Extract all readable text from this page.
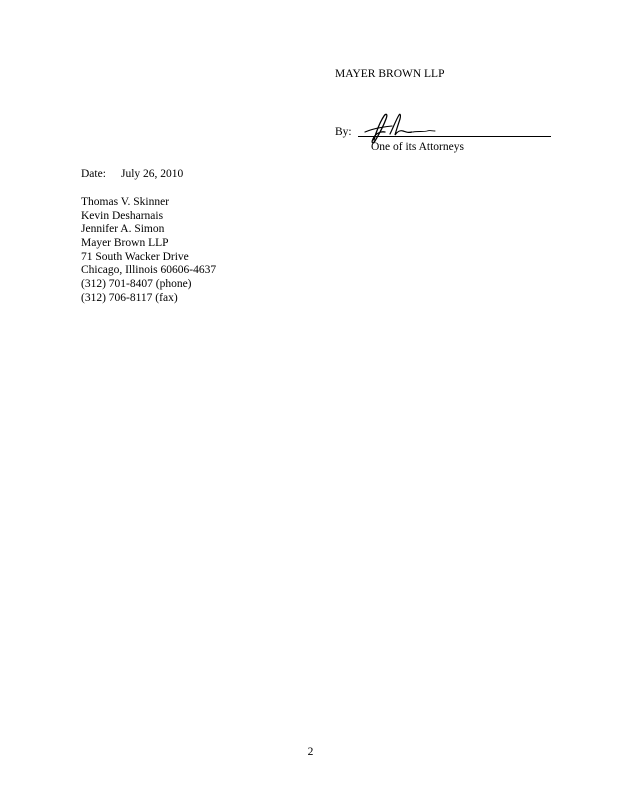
MAYER BROWN LLP
By:
One of its Attorneys
Date: July 26, 2010
Thomas V. Skinner
Kevin Desharnais
Jennifer A. Simon
Mayer Brown LLP
71 South Wacker Drive
Chicago, Illinois 60606-4637
(312) 701-8407 (phone)
(312) 706-8117 (fax)
2
